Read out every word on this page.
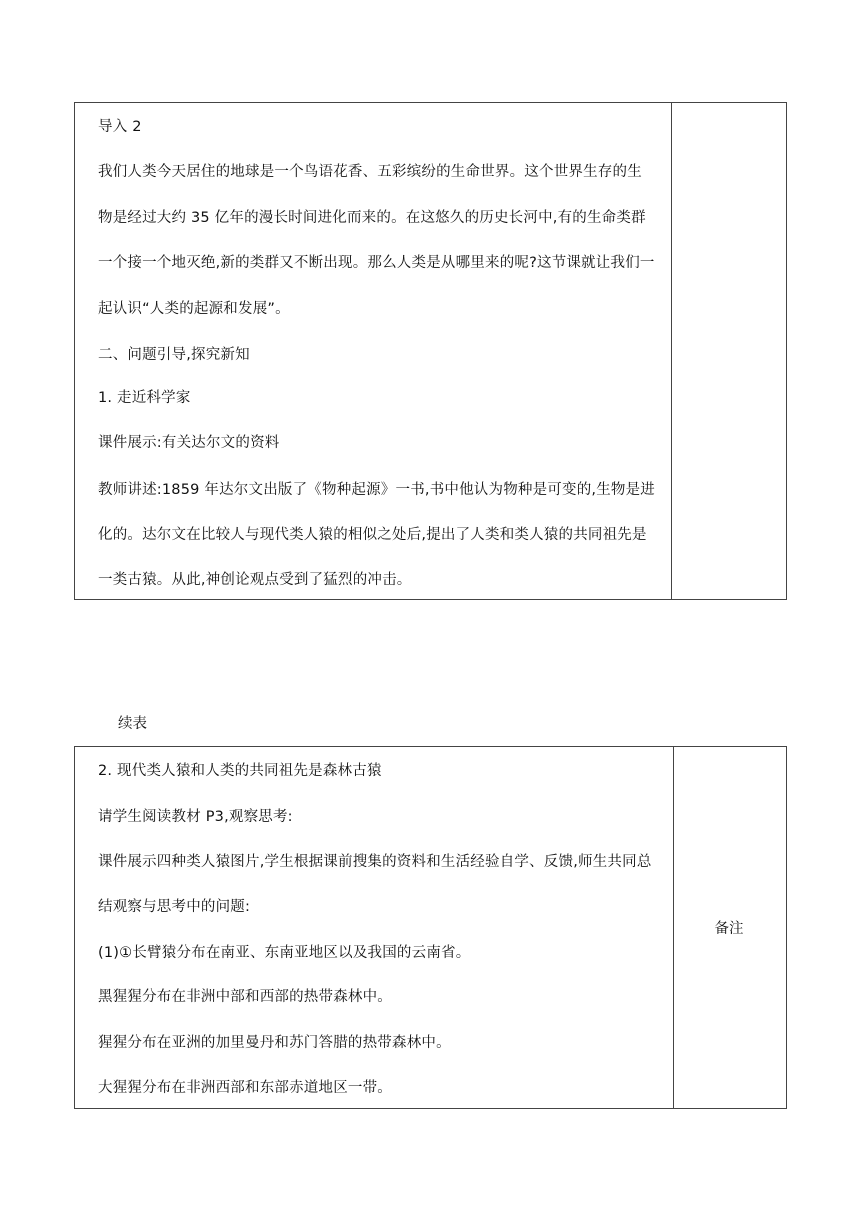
导入 2
我们人类今天居住的地球是一个鸟语花香、五彩缤纷的生命世界。这个世界生存的生
物是经过大约 35 亿年的漫长时间进化而来的。在这悠久的历史长河中,有的生命类群
一个接一个地灭绝,新的类群又不断出现。那么人类是从哪里来的呢?这节课就让我们一
起认识“人类的起源和发展”。
二、问题引导,探究新知
1. 走近科学家
课件展示:有关达尔文的资料
教师讲述:1859 年达尔文出版了《物种起源》一书,书中他认为物种是可变的,生物是进
化的。达尔文在比较人与现代类人猿的相似之处后,提出了人类和类人猿的共同祖先是
一类古猿。从此,神创论观点受到了猛烈的冲击。
续表
2. 现代类人猿和人类的共同祖先是森林古猿
请学生阅读教材 P3,观察思考:
课件展示四种类人猿图片,学生根据课前搜集的资料和生活经验自学、反馈,师生共同总
结观察与思考中的问题:
(1)①长臂猿分布在南亚、东南亚地区以及我国的云南省。
黑猩猩分布在非洲中部和西部的热带森林中。
猩猩分布在亚洲的加里曼丹和苏门答腊的热带森林中。
大猩猩分布在非洲西部和东部赤道地区一带。
备注
